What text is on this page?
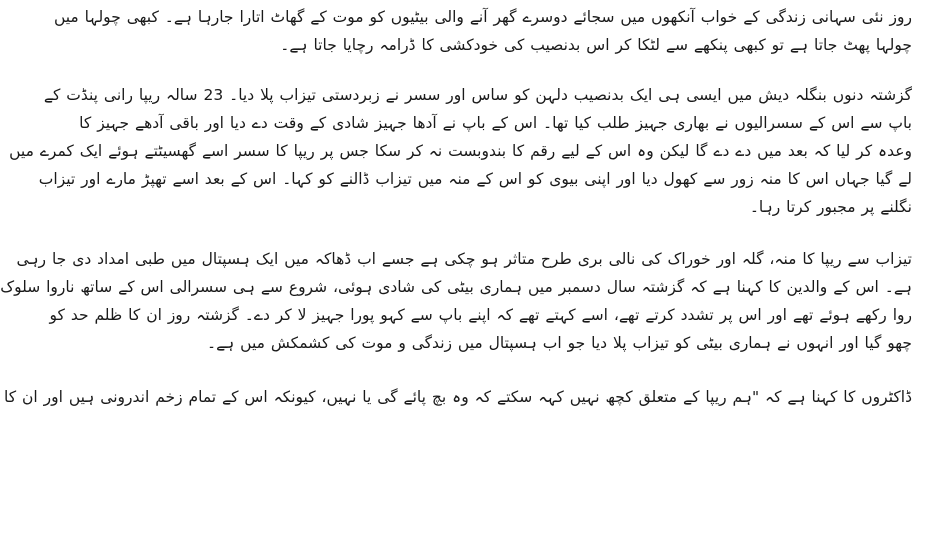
روز نئی سہانی زندگی کے خواب آنکھوں میں سجائے دوسرے گھر آنے والی بیٹیوں کو موت کے گھاٹ اتارا جارہا ہے۔ کبھی چولہا میں

چولہا پھٹ جاتا ہے تو کبھی پنکھے سے لٹکا کر اس بدنصیب کی خودکشی کا ڈرامہ رچایا جاتا ہے۔

گزشتہ دنوں بنگلہ دیش میں ایسی ہی ایک بدنصیب دلہن کو ساس اور سسر نے زبردستی تیزاب پلا دیا۔ 23 سالہ ریپا رانی پنڈت کے

باپ سے اس کے سسرالیوں نے بھاری جہیز طلب کیا تھا۔ اس کے باپ نے آدھا جہیز شادی کے وقت دے دیا اور باقی آدھے جہیز کا

وعدہ کر لیا کہ بعد میں دے دے گا لیکن وہ اس کے لیے رقم کا بندوبست نہ کر سکا جس پر ریپا کا سسر اسے گھسیٹتے ہوئے ایک کمرے میں

لے گیا جہاں اس کا منہ زور سے کھول دیا اور اپنی بیوی کو اس کے منہ میں تیزاب ڈالنے کو کہا۔ اس کے بعد اسے تھپڑ مارے اور تیزاب

نگلنے پر مجبور کرتا رہا۔

تیزاب سے ریپا کا منہ، گلہ اور خوراک کی نالی بری طرح متاثر ہو چکی ہے جسے اب ڈھاکہ میں ایک ہسپتال میں طبی امداد دی جا رہی

ہے۔ اس کے والدین کا کہنا ہے کہ گزشتہ سال دسمبر میں ہماری بیٹی کی شادی ہوئی، شروع سے ہی سسرالی اس کے ساتھ ناروا سلوک

روا رکھے ہوئے تھے اور اس پر تشدد کرتے تھے، اسے کہتے تھے کہ اپنے باپ سے کہو پورا جہیز لا کر دے۔ گزشتہ روز ان کا ظلم حد کو

چھو گیا اور انہوں نے ہماری بیٹی کو تیزاب پلا دیا جو اب ہسپتال میں زندگی و موت کی کشمکش میں ہے۔

ڈاکٹروں کا کہنا ہے کہ "ہم ریپا کے متعلق کچھ نہیں کہہ سکتے کہ وہ بچ پائے گی یا نہیں، کیونکہ اس کے تمام زخم اندرونی ہیں اور ان کا
